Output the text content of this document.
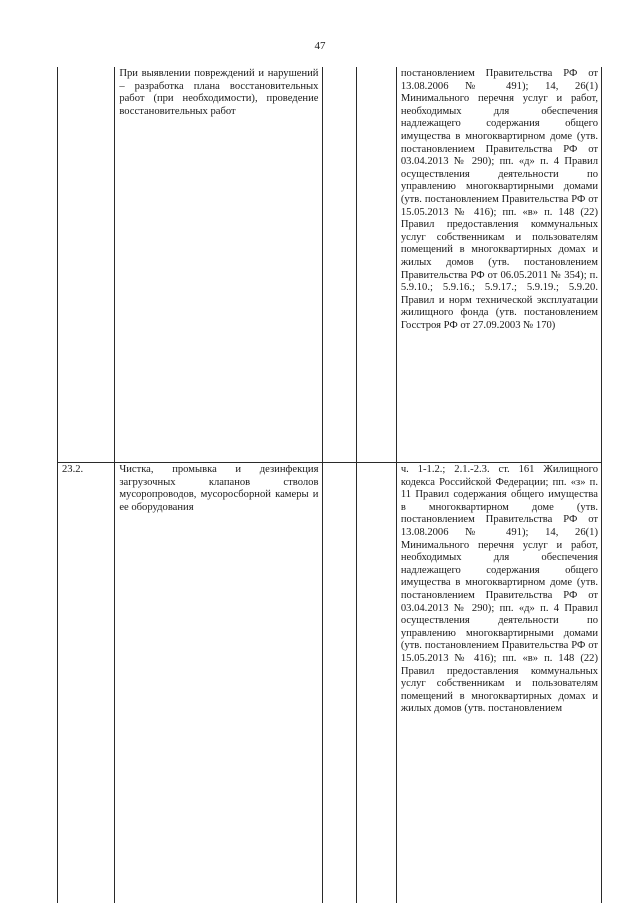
47
	При выявлении повреждений и нарушений – разработка плана восстановительных работ (при необходимости), проведение восстановительных работ			постановлением Правительства РФ от 13.08.2006 № 491); 14, 26(1) Минимального перечня услуг и работ, необходимых для обеспечения надлежащего содержания общего имущества в многоквартирном доме (утв. постановлением Правительства РФ от 03.04.2013 № 290); пп. «д» п. 4 Правил осуществления деятельности по управлению многоквартирными домами (утв. постановлением Правительства РФ от 15.05.2013 № 416); пп. «в» п. 148 (22) Правил предоставления коммунальных услуг собственникам и пользователям помещений в многоквартирных домах и жилых домов (утв. постановлением Правительства РФ от 06.05.2011 № 354); п. 5.9.10.; 5.9.16.; 5.9.17.; 5.9.19.; 5.9.20. Правил и норм технической эксплуатации жилищного фонда (утв. постановлением Госстроя РФ от 27.09.2003 № 170)
23.2.	Чистка, промывка и дезинфекция загрузочных клапанов стволов мусоропроводов, мусоросборной камеры и ее оборудования			ч. 1-1.2.; 2.1.-2.3. ст. 161 Жилищного кодекса Российской Федерации; пп. «з» п. 11 Правил содержания общего имущества в многоквартирном доме (утв. постановлением Правительства РФ от 13.08.2006 № 491); 14, 26(1) Минимального перечня услуг и работ, необходимых для обеспечения надлежащего содержания общего имущества в многоквартирном доме (утв. постановлением Правительства РФ от 03.04.2013 № 290); пп. «д» п. 4 Правил осуществления деятельности по управлению многоквартирными домами (утв. постановлением Правительства РФ от 15.05.2013 № 416); пп. «в» п. 148 (22) Правил предоставления коммунальных услуг собственникам и пользователям помещений в многоквартирных домах и жилых домов (утв. постановлением
